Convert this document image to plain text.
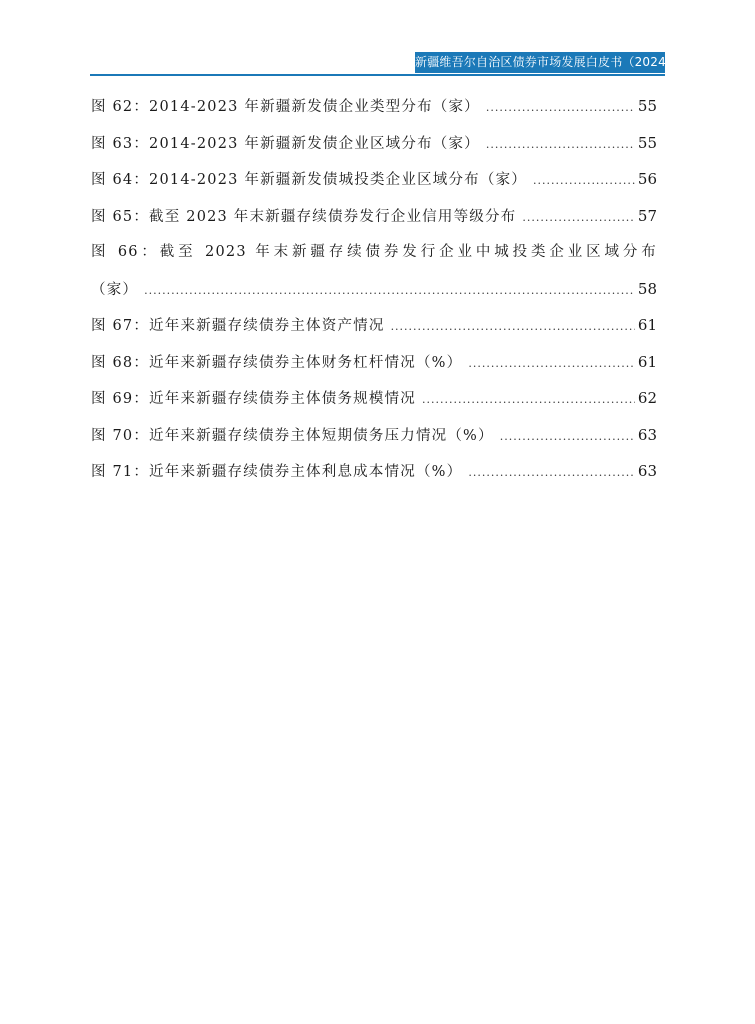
新疆维吾尔自治区债券市场发展白皮书（2024）
图 62：2014-2023 年新疆新发债企业类型分布（家） .....	55
图 63：2014-2023 年新疆新发债企业区域分布（家） .....	55
图 64：2014-2023 年新疆新发债城投类企业区域分布（家） .....	56
图 65：截至 2023 年末新疆存续债券发行企业信用等级分布 .....	57
图 66：截至 2023 年末新疆存续债券发行企业中城投类企业区域分布
（家） .....	58
图 67：近年来新疆存续债券主体资产情况 .....	61
图 68：近年来新疆存续债券主体财务杠杆情况（%） .....	61
图 69：近年来新疆存续债券主体债务规模情况 .....	62
图 70：近年来新疆存续债券主体短期债务压力情况（%） .....	63
图 71：近年来新疆存续债券主体利息成本情况（%） .....	63
